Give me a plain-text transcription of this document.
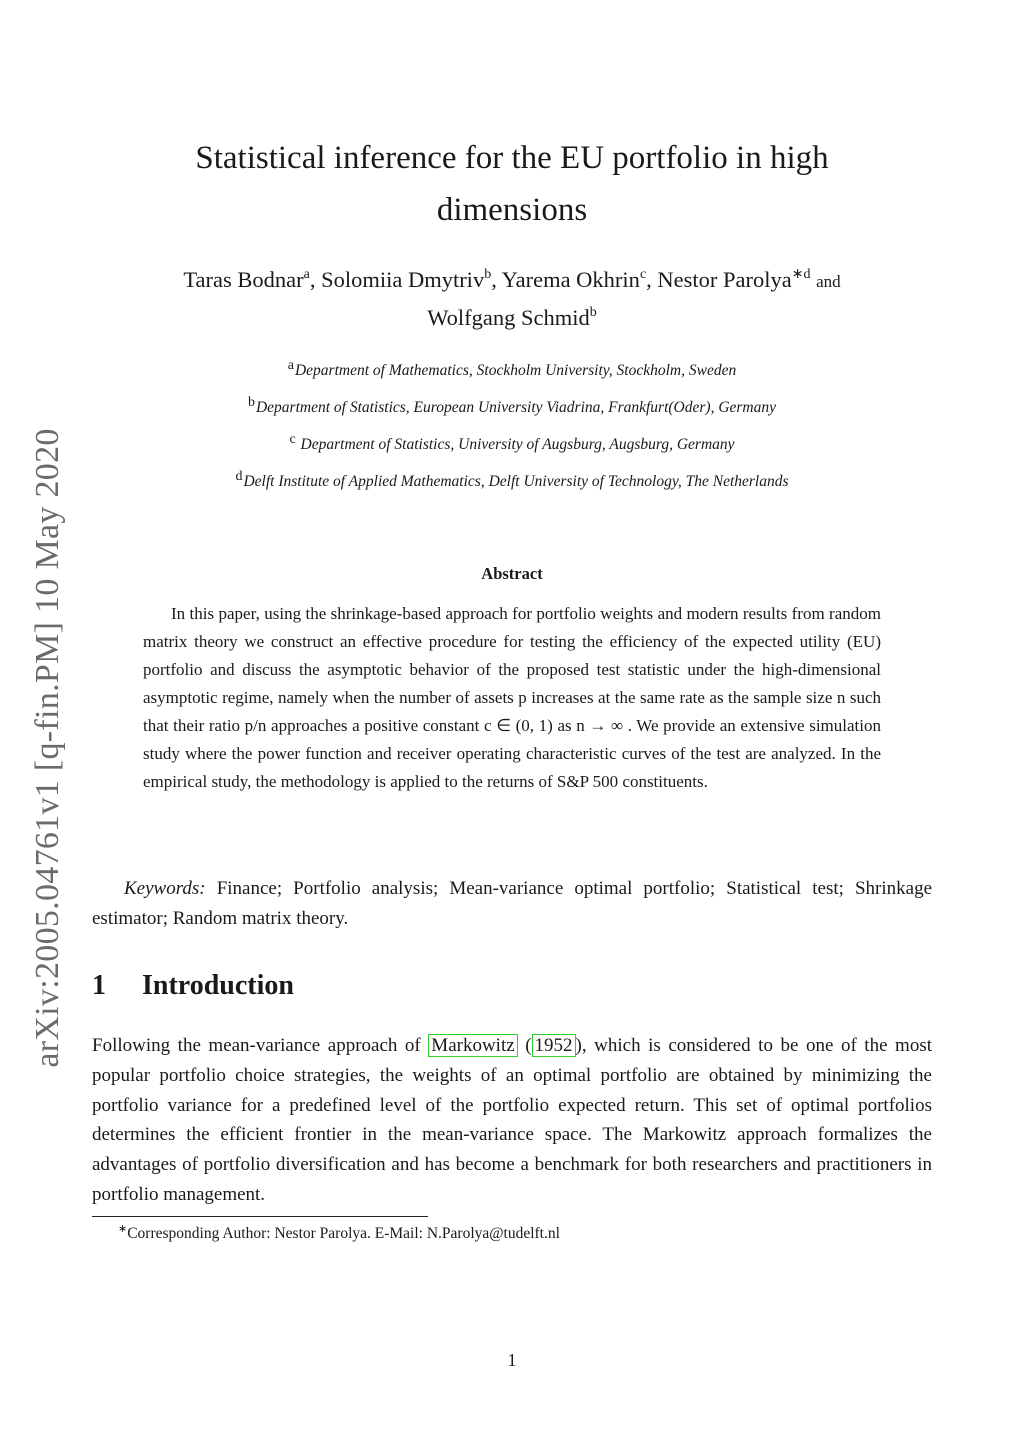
arXiv:2005.04761v1 [q-fin.PM] 10 May 2020
Statistical inference for the EU portfolio in high
dimensions
Taras Bodnar$^a$, Solomiia Dmytriv$^b$, Yarema Okhrin$^c$, Nestor Parolya$^{∗d}$ and
Wolfgang Schmid$^b$
aDepartment of Mathematics, Stockholm University, Stockholm, Sweden
bDepartment of Statistics, European University Viadrina, Frankfurt(Oder), Germany
c Department of Statistics, University of Augsburg, Augsburg, Germany
dDelft Institute of Applied Mathematics, Delft University of Technology, The Netherlands
Abstract
In this paper, using the shrinkage-based approach for portfolio weights and modern results from random matrix theory we construct an effective procedure for testing the efficiency of the expected utility (EU) portfolio and discuss the asymptotic behavior of the proposed test statistic under the high-dimensional asymptotic regime, namely when the number of assets p increases at the same rate as the sample size n such that their ratio p/n approaches a positive constant c ∈ (0, 1) as n → ∞ . We provide an extensive simulation study where the power function and receiver operating characteristic curves of the test are analyzed. In the empirical study, the methodology is applied to the returns of S&P 500 constituents.
Keywords: Finance; Portfolio analysis; Mean-variance optimal portfolio; Statistical test; Shrinkage estimator; Random matrix theory.
1 Introduction
Following the mean-variance approach of Markowitz ( 1952 ), which is considered to be one of the most popular portfolio choice strategies, the weights of an optimal portfolio are obtained by minimizing the portfolio variance for a predefined level of the portfolio expected return. This set of optimal portfolios determines the efficient frontier in the mean-variance space. The Markowitz approach formalizes the advantages of portfolio diversification and has become a benchmark for both researchers and practitioners in portfolio management.
∗Corresponding Author: Nestor Parolya. E-Mail: N.Parolya@tudelft.nl
1
